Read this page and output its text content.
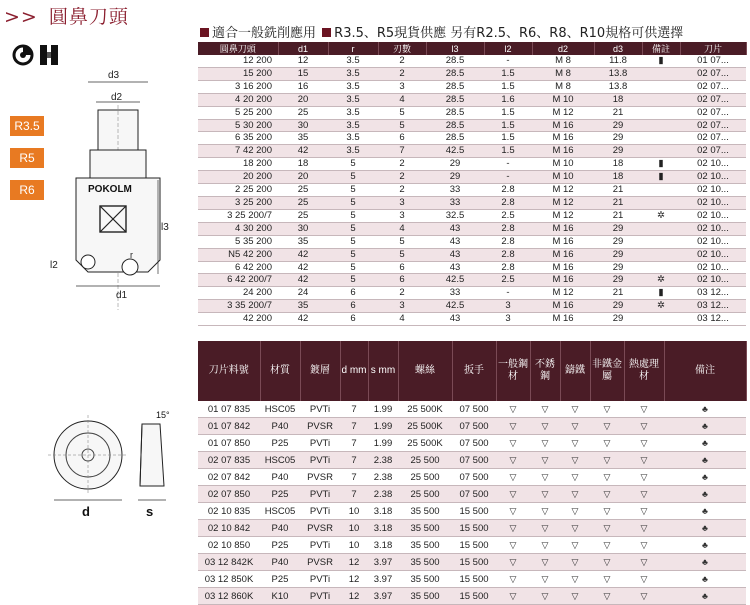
>> 圓鼻刀頭

R3.5
R5
R6
d3
d2
POKOLM
l3
l2
d1
r
d
15°
s
適合一般銑削應用 R3.5、R5現貨供應 另有R2.5、R6、R8、R10規格可供選擇
圓鼻刀頭	d1	r	刃數	l3	l2	d2	d3	備註	刀片
12 200	12	3.5	2	28.5	-	M 8	11.8	▮	01 07...
15 200	15	3.5	2	28.5	1.5	M 8	13.8		02 07...
3 16 200	16	3.5	3	28.5	1.5	M 8	13.8		02 07...
4 20 200	20	3.5	4	28.5	1.6	M 10	18		02 07...
5 25 200	25	3.5	5	28.5	1.5	M 12	21		02 07...
5 30 200	30	3.5	5	28.5	1.5	M 16	29		02 07...
6 35 200	35	3.5	6	28.5	1.5	M 16	29		02 07...
7 42 200	42	3.5	7	42.5	1.5	M 16	29		02 07...
18 200	18	5	2	29	-	M 10	18	▮	02 10...
20 200	20	5	2	29	-	M 10	18	▮	02 10...
2 25 200	25	5	2	33	2.8	M 12	21		02 10...
3 25 200	25	5	3	33	2.8	M 12	21		02 10...
3 25 200/7	25	5	3	32.5	2.5	M 12	21	✲	02 10...
4 30 200	30	5	4	43	2.8	M 16	29		02 10...
5 35 200	35	5	5	43	2.8	M 16	29		02 10...
N5 42 200	42	5	5	43	2.8	M 16	29		02 10...
6 42 200	42	5	6	43	2.8	M 16	29		02 10...
6 42 200/7	42	5	6	42.5	2.5	M 16	29	✲	02 10...
24 200	24	6	2	33	-	M 12	21	▮	03 12...
3 35 200/7	35	6	3	42.5	3	M 16	29	✲	03 12...
42 200	42	6	4	43	3	M 16	29		03 12...
刀片料號	材質	鍍層	d mm	s mm	螺絲	扳手	一般鋼材	不銹鋼	鑄鐵	非鐵金屬	熱處理材	備注
01 07 835	HSC05	PVTi	7	1.99	25 500K	07 500	▽	▽	▽	▽	▽	♣
01 07 842	P40	PVSR	7	1.99	25 500K	07 500	▽	▽	▽	▽	▽	♣
01 07 850	P25	PVTi	7	1.99	25 500K	07 500	▽	▽	▽	▽	▽	♣
02 07 835	HSC05	PVTi	7	2.38	25 500	07 500	▽	▽	▽	▽	▽	♣
02 07 842	P40	PVSR	7	2.38	25 500	07 500	▽	▽	▽	▽	▽	♣
02 07 850	P25	PVTi	7	2.38	25 500	07 500	▽	▽	▽	▽	▽	♣
02 10 835	HSC05	PVTi	10	3.18	35 500	15 500	▽	▽	▽	▽	▽	♣
02 10 842	P40	PVSR	10	3.18	35 500	15 500	▽	▽	▽	▽	▽	♣
02 10 850	P25	PVTi	10	3.18	35 500	15 500	▽	▽	▽	▽	▽	♣
03 12 842K	P40	PVSR	12	3.97	35 500	15 500	▽	▽	▽	▽	▽	♣
03 12 850K	P25	PVTi	12	3.97	35 500	15 500	▽	▽	▽	▽	▽	♣
03 12 860K	K10	PVTi	12	3.97	35 500	15 500	▽	▽	▽	▽	▽	♣
